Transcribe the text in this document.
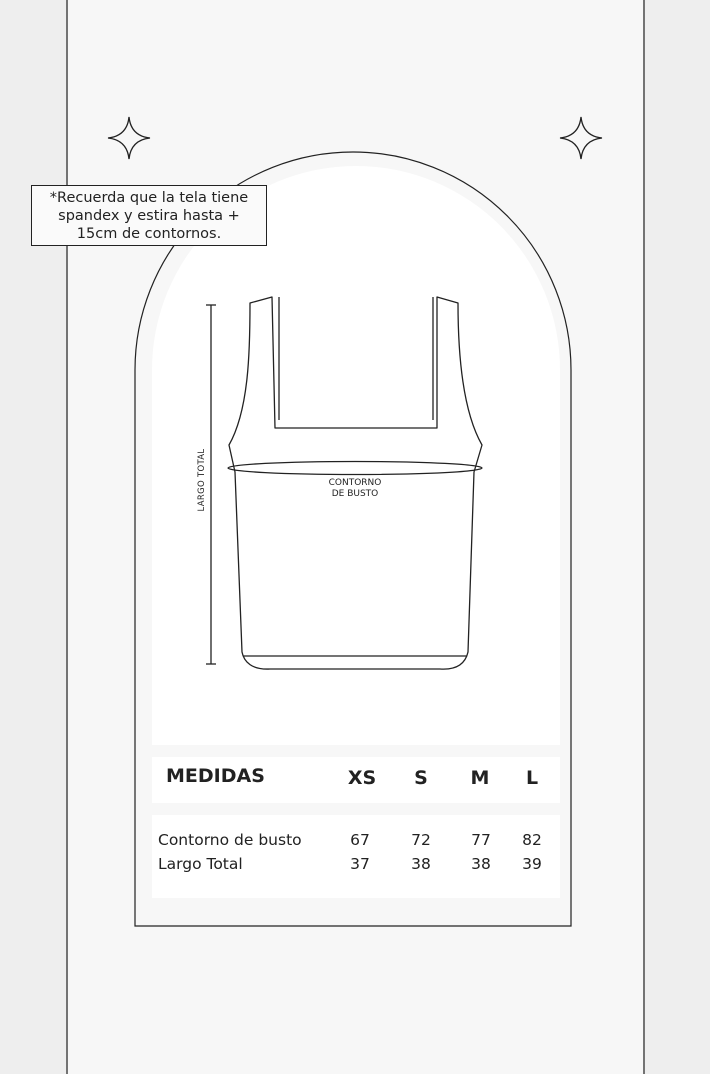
*Recuerda que la tela tiene
spandex y estira hasta +
15cm de contornos.
LARGO TOTAL	CONTORNO
DE BUSTO
MEDIDAS	XS	S	M	L
Contorno de busto	67	72	77	82
Largo Total	37	38	38	39
